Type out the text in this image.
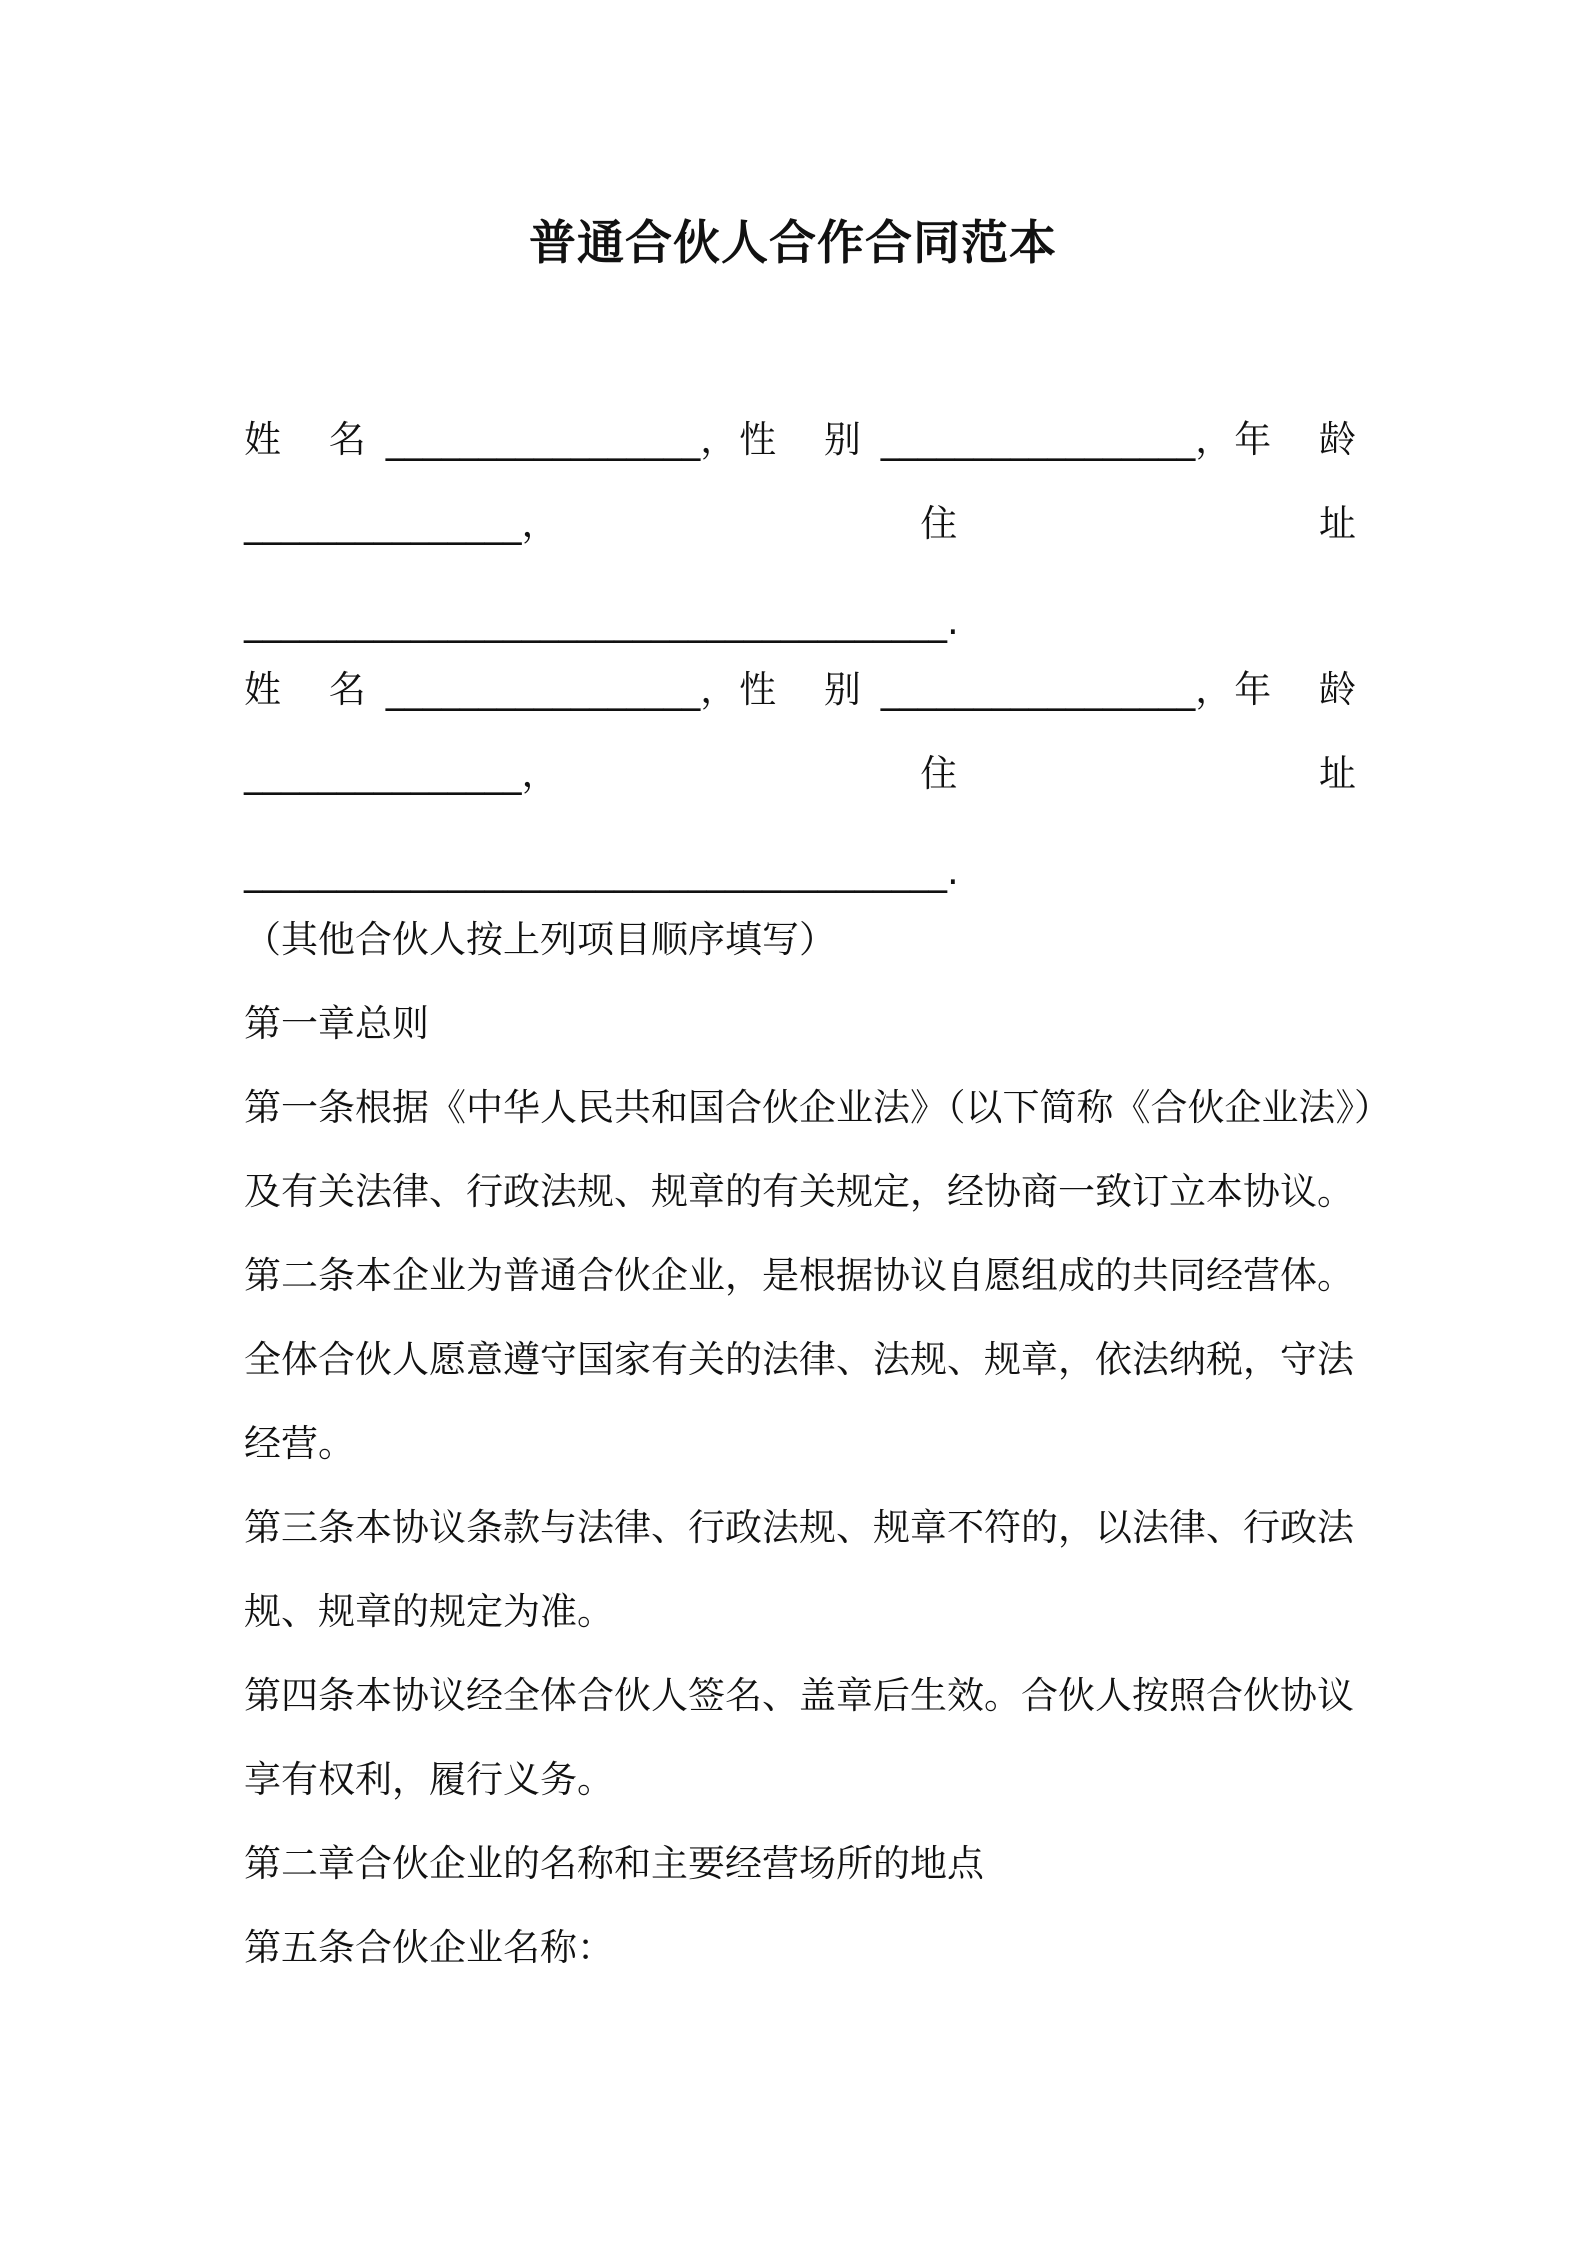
普通合伙人合作合同范本
姓 名 _________________， 性 别 _________________， 年 龄
_______________，	住	址
______________________________________.
姓 名 _________________， 性 别 _________________， 年 龄
_______________，	住	址
______________________________________.
（其他合伙人按上列项目顺序填写）
第一章总则
第一条根据《中华人民共和国合伙企业法》（以下简称《合伙企业法》）
及有关法律、行政法规、规章的有关规定，经协商一致订立本协议。
第二条本企业为普通合伙企业，是根据协议自愿组成的共同经营体。
全体合伙人愿意遵守国家有关的法律、法规、规章，依法纳税，守法
经营。
第三条本协议条款与法律、行政法规、规章不符的，以法律、行政法
规、规章的规定为准。
第四条本协议经全体合伙人签名、盖章后生效。合伙人按照合伙协议
享有权利，履行义务。
第二章合伙企业的名称和主要经营场所的地点
第五条合伙企业名称：
